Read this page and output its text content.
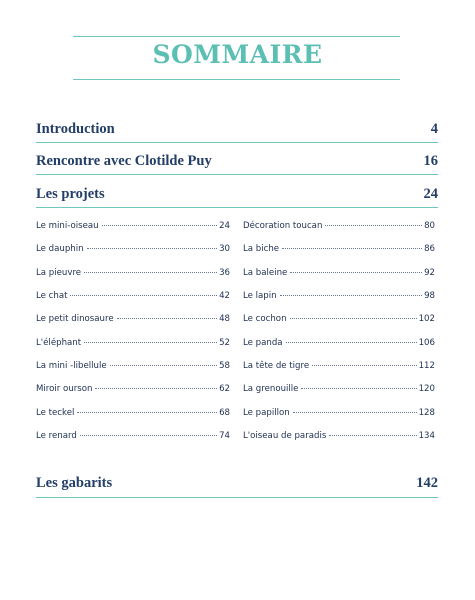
SOMMAIRE
Introduction	4
Rencontre avec Clotilde Puy	16
Les projets	24
Le mini-oiseau	24
Le dauphin	30
La pieuvre	36
Le chat	42
Le petit dinosaure	48
L'éléphant	52
La mini -libellule	58
Miroir ourson	62
Le teckel	68
Le renard	74
Décoration toucan	80
La biche	86
La baleine	92
Le lapin	98
Le cochon	102
Le panda	106
La tête de tigre	112
La grenouille	120
Le papillon	128
L'oiseau de paradis	134
Les gabarits	142
